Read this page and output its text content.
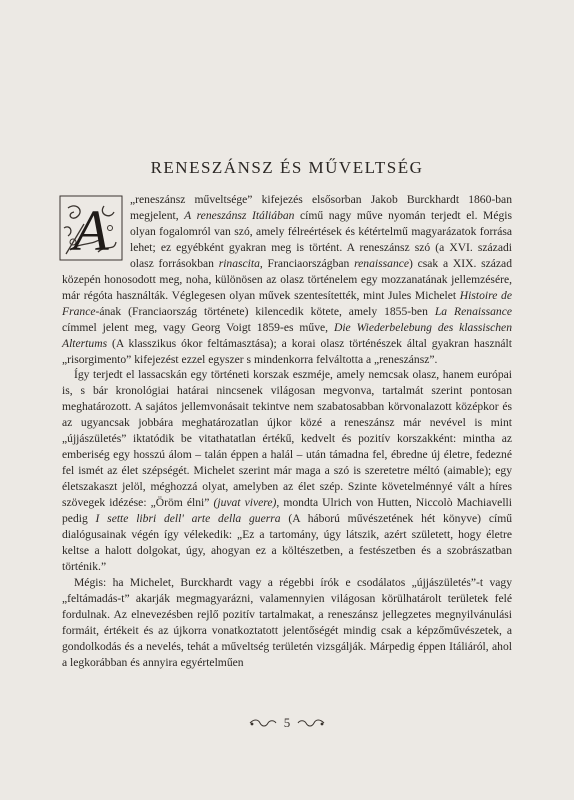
RENESZÁNSZ ÉS MŰVELTSÉG

A „reneszánsz műveltsége” kifejezés elsősorban Jakob Burckhardt 1860-ban megjelent, A reneszánsz Itáliában című nagy műve nyomán terjedt el. Mégis olyan fogalomról van szó, amely félreértések és kétértelmű magyarázatok forrása lehet; ez egyébként gyakran meg is történt. A reneszánsz szó (a XVI. századi olasz forrásokban rinascita, Franciaországban renaissance) csak a XIX. század közepén honosodott meg, noha, különösen az olasz történelem egy mozzanatának jellemzésére, már régóta használták. Véglegesen olyan művek szentesítették, mint Jules Michelet Histoire de France-ának (Franciaország története) kilencedik kötete, amely 1855-ben La Renaissance címmel jelent meg, vagy Georg Voigt 1859-es műve, Die Wiederbelebung des klassischen Altertums (A klasszikus ókor feltámasztása); a korai olasz történészek által gyakran használt „risorgimento” kifejezést ezzel egyszer s mindenkorra felváltotta a „reneszánsz”.

Így terjedt el lassacskán egy történeti korszak eszméje, amely nemcsak olasz, hanem európai is, s bár kronológiai határai nincsenek világosan megvonva, tartalmát szerint pontosan meghatározott. A sajátos jellemvonásait tekintve nem szabatosabban körvonalazott középkor és az ugyancsak jobbára meghatározatlan újkor közé a reneszánsz már nevével is mint „újjászületés” iktatódik be vitathatatlan értékű, kedvelt és pozitív korszakként: mintha az emberiség egy hosszú álom – talán éppen a halál – után támadna fel, ébredne új életre, fedezné fel ismét az élet szépségét. Michelet szerint már maga a szó is szeretetre méltó (aimable); egy életszakaszt jelöl, méghozzá olyat, amelyben az élet szép. Szinte követelménnyé vált a híres szövegek idézése: „Öröm élni” (juvat vivere), mondta Ulrich von Hutten, Niccolò Machiavelli pedig I sette libri dell' arte della guerra (A háború művészetének hét könyve) című dialógusainak végén így vélekedik: „Ez a tartomány, úgy látszik, azért született, hogy életre keltse a halott dolgokat, úgy, ahogyan ez a költészetben, a festészetben és a szobrászatban történik.”

Mégis: ha Michelet, Burckhardt vagy a régebbi írók e csodálatos „újjászületés”-t vagy „feltámadás-t” akarják megmagyarázni, valamennyien világosan körülhatárolt területek felé fordulnak. Az elnevezésben rejlő pozitív tartalmakat, a reneszánsz jellegzetes megnyilvánulási formáit, értékeit és az újkorra vonatkoztatott jelentőségét mindig csak a képzőművészetek, a gondolkodás és a nevelés, tehát a műveltség területén vizsgálják. Márpedig éppen Itáliáról, ahol a legkorábban és annyira egyértelműen

5
